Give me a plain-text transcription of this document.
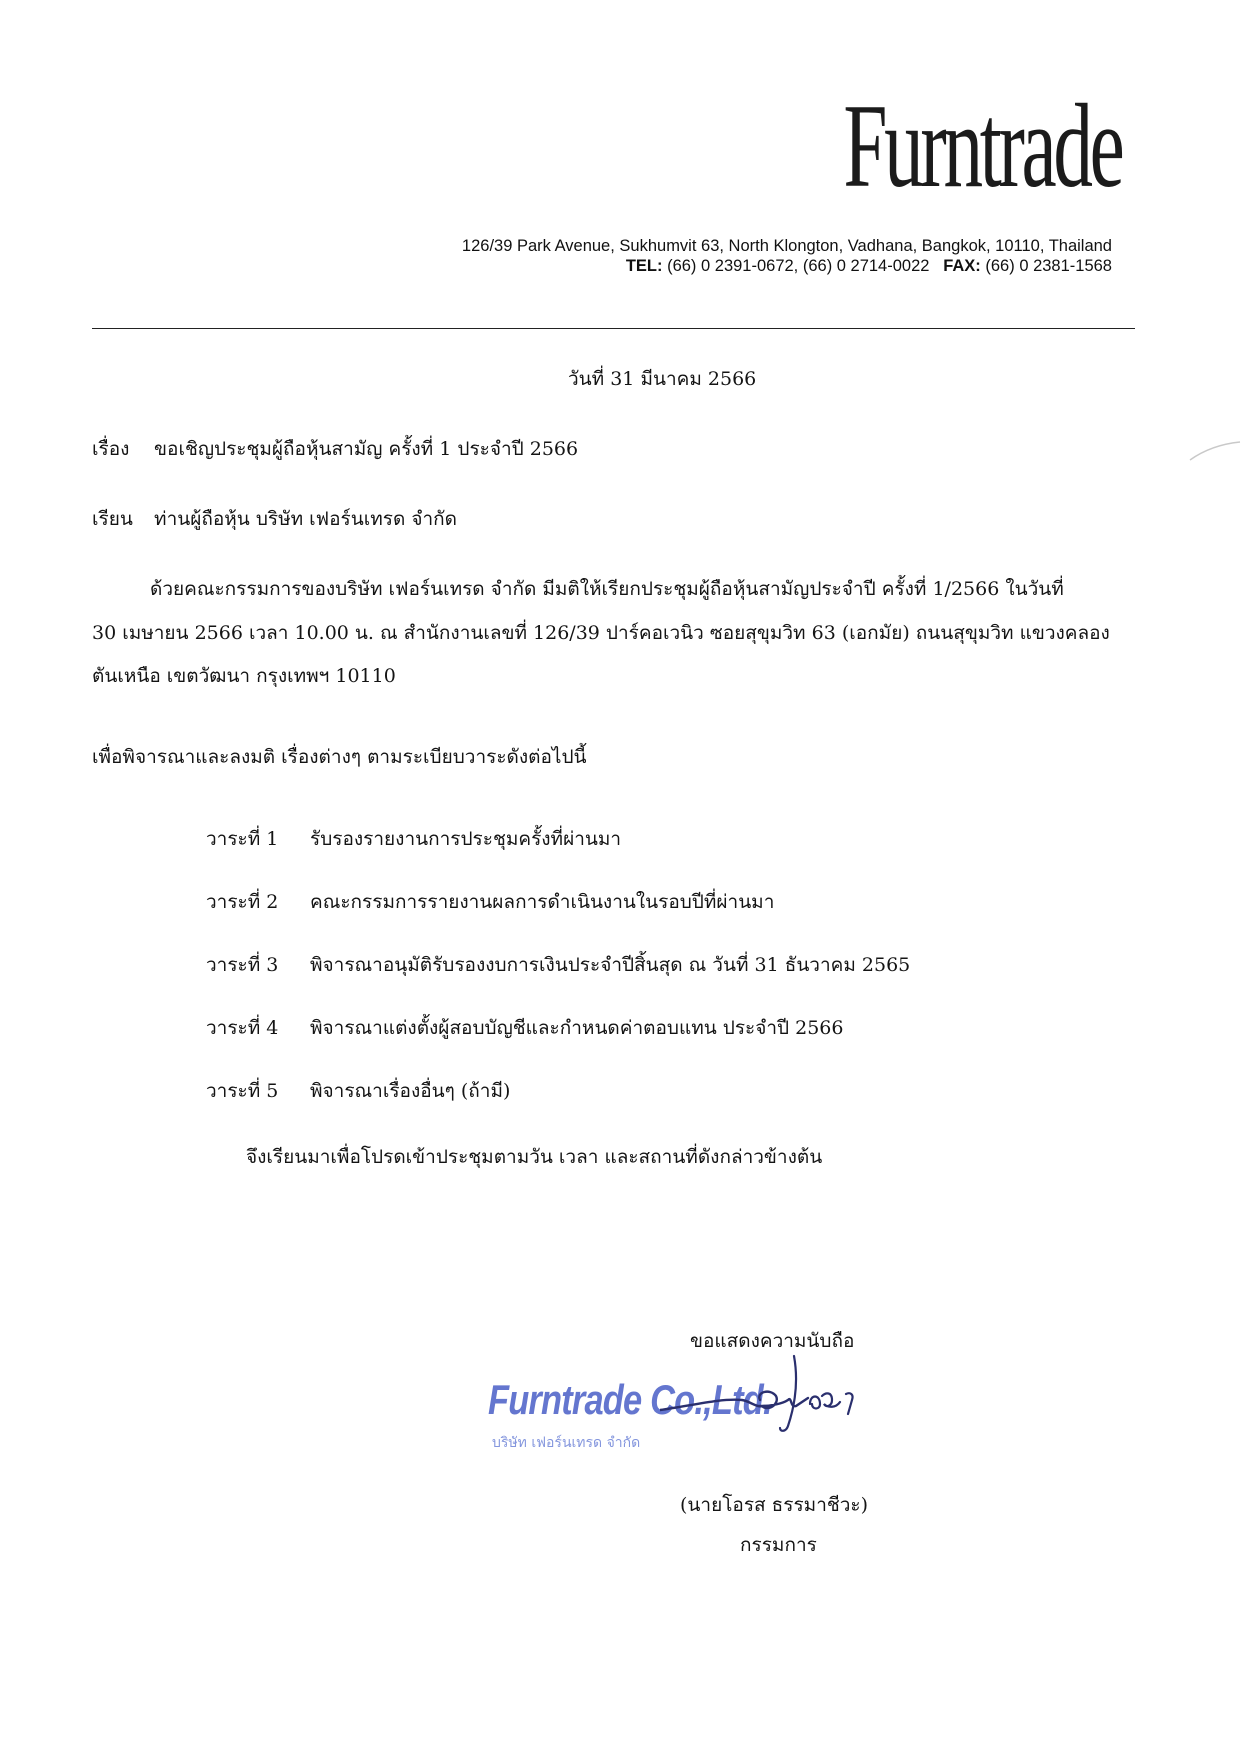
Furntrade
126/39 Park Avenue, Sukhumvit 63, North Klongton, Vadhana, Bangkok, 10110, Thailand
TEL: (66) 0 2391-0672, (66) 0 2714-0022 FAX: (66) 0 2381-1568
วันที่ 31 มีนาคม 2566
เรื่อง ขอเชิญประชุมผู้ถือหุ้นสามัญ ครั้งที่ 1 ประจำปี 2566
เรียน ท่านผู้ถือหุ้น บริษัท เฟอร์นเทรด จำกัด
ด้วยคณะกรรมการของบริษัท เฟอร์นเทรด จำกัด มีมติให้เรียกประชุมผู้ถือหุ้นสามัญประจำปี ครั้งที่ 1/2566 ในวันที่
30 เมษายน 2566 เวลา 10.00 น. ณ สำนักงานเลขที่ 126/39 ปาร์คอเวนิว ซอยสุขุมวิท 63 (เอกมัย) ถนนสุขุมวิท แขวงคลอง
ตันเหนือ เขตวัฒนา กรุงเทพฯ 10110
เพื่อพิจารณาและลงมติ เรื่องต่างๆ ตามระเบียบวาระดังต่อไปนี้
วาระที่ 1 รับรองรายงานการประชุมครั้งที่ผ่านมา
วาระที่ 2 คณะกรรมการรายงานผลการดำเนินงานในรอบปีที่ผ่านมา
วาระที่ 3 พิจารณาอนุมัติรับรองงบการเงินประจำปีสิ้นสุด ณ วันที่ 31 ธันวาคม 2565
วาระที่ 4 พิจารณาแต่งตั้งผู้สอบบัญชีและกำหนดค่าตอบแทน ประจำปี 2566
วาระที่ 5 พิจารณาเรื่องอื่นๆ (ถ้ามี)
จึงเรียนมาเพื่อโปรดเข้าประชุมตามวัน เวลา และสถานที่ดังกล่าวข้างต้น
ขอแสดงความนับถือ
Furntrade Co.,Ltd.
บริษัท เฟอร์นเทรด จำกัด
(นายโอรส ธรรมาชีวะ)
กรรมการ
